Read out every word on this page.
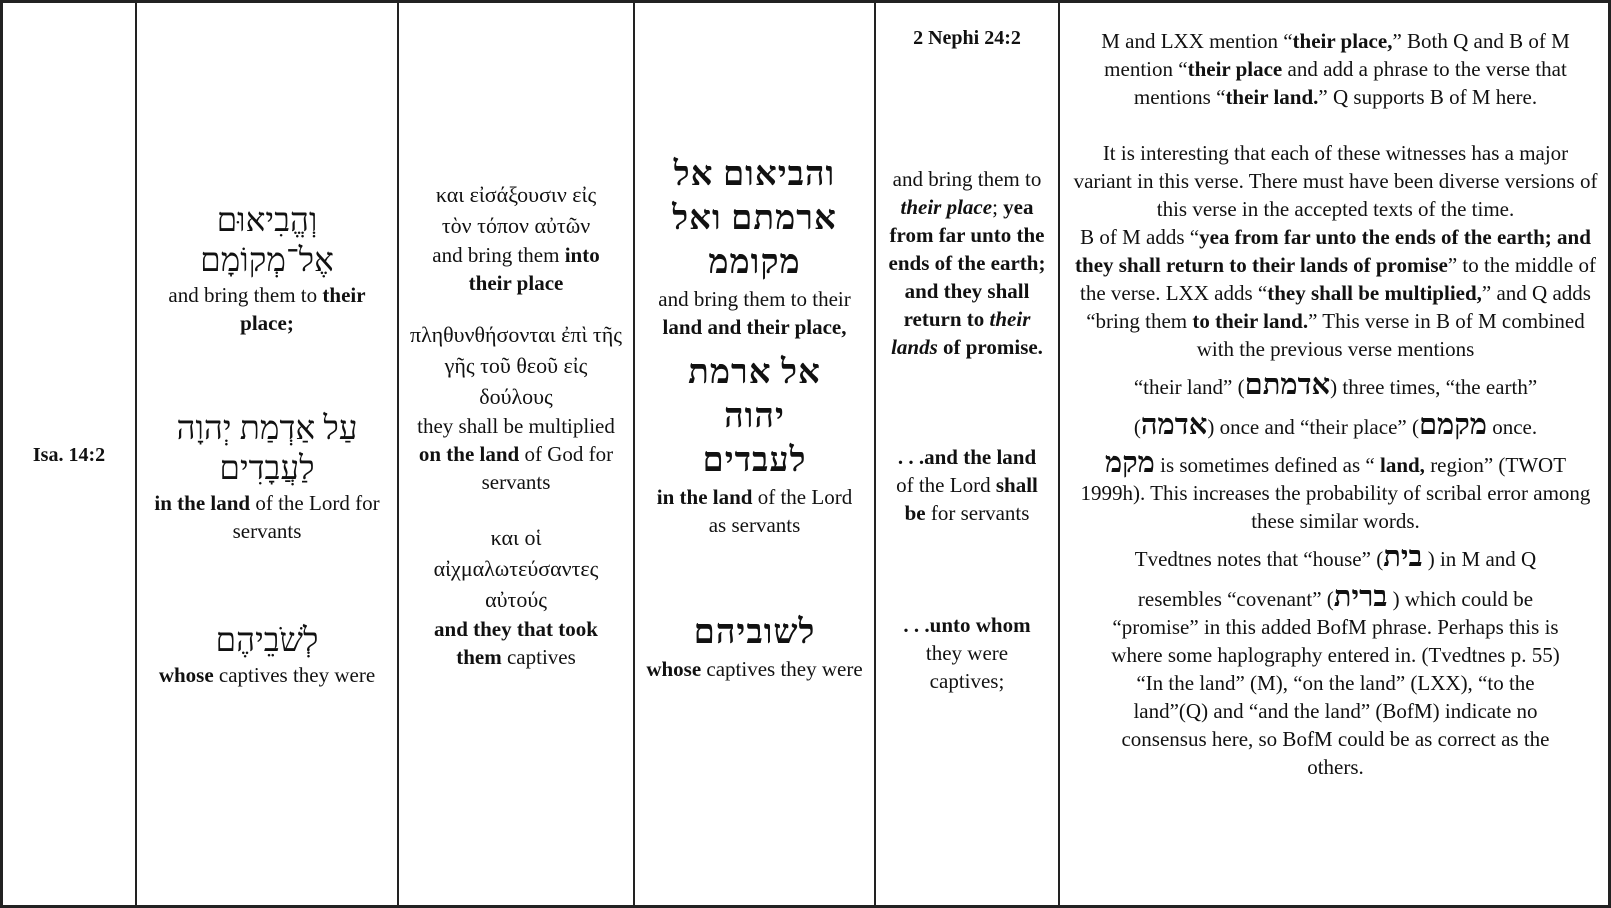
Isa. 14:2
וְהֱבִיאוּם אֶל־מְקוֹמָם
and bring them to their place;
עַל אַדְמַת יְהוָה לַעֲבָדִים
in the land of the Lord for servants
לְשֹׁבֵיהֶם
whose captives they were
και εἰσάξουσιν εἰς τὸν τόπον αὐτῶν
and bring them into their place
πληθυνθήσονται ἐπὶ τῆς γῆς τοῦ θεοῦ εἰς δούλους
they shall be multiplied on the land of God for servants
και οἱ αἰχμαλωτεύσαντες αὐτούς
and they that took them captives
והביאום אל ארמתם ואל מקוממ
and bring them to their land and their place,
אל ארמת יהוה לעבדים
in the land of the Lord as servants
לשוביהם
whose captives they were
2 Nephi 24:2
and bring them to their place; yea from far unto the ends of the earth; and they shall return to their lands of promise.
. . .and the land of the Lord shall be for servants
. . .unto whom they were captives;
M and LXX mention “their place,” Both Q and B of M mention “their place and add a phrase to the verse that mentions “their land.” Q supports B of M here.
It is interesting that each of these witnesses has a major variant in this verse. There must have been diverse versions of this verse in the accepted texts of the time.
B of M adds “yea from far unto the ends of the earth; and they shall return to their lands of promise” to the middle of the verse. LXX adds “they shall be multiplied,” and Q adds “bring them to their land.” This verse in B of M combined with the previous verse mentions
“their land” (אדמתם) three times, “the earth”
(אדמה) once and “their place” (מקמם once.
מקמ is sometimes defined as “ land, region” (TWOT 1999h). This increases the probability of scribal error among these similar words.
Tvedtnes notes that “house” (בית ) in M and Q
resembles “covenant” (ברית ) which could be
“promise” in this added BofM phrase. Perhaps this is where some haplography entered in. (Tvedtnes p. 55) “In the land” (M), “on the land” (LXX), “to the land”(Q) and “and the land” (BofM) indicate no consensus here, so BofM could be as correct as the others.
